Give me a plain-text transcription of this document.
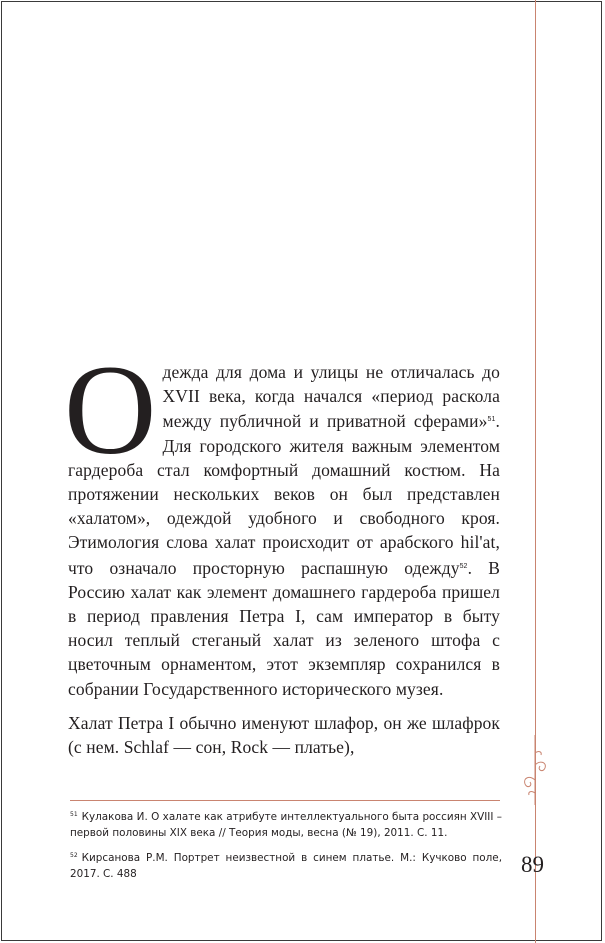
Одежда для дома и улицы не отличалась до XVII века, когда начался «период раскола между публичной и приватной сферами»$^{51}$. Для городского жителя важным элементом гардероба стал комфортный домашний костюм. На протяжении нескольких веков он был представлен «халатом», одеждой удобного и свободного кроя. Этимология слова халат происходит от арабского hil'at, что означало просторную распашную одежду$^{52}$. В Россию халат как элемент домашнего гардероба пришел в период правления Петра I, сам император в быту носил теплый стеганый халат из зеленого штофа с цветочным орнаментом, этот экземпляр сохранился в собрании Государственного исторического музея.

Халат Петра I обычно именуют шлафор, он же шлафрок (с нем. Schlaf — сон, Rock — платье),

$^{51}$ Кулакова И. О халате как атрибуте интеллектуального быта россиян XVIII – первой половины XIX века // Теория моды, весна (№ 19), 2011. С. 11.

$^{52}$ Кирсанова Р.М. Портрет неизвестной в синем платье. М.: Кучково поле, 2017. С. 488	89
